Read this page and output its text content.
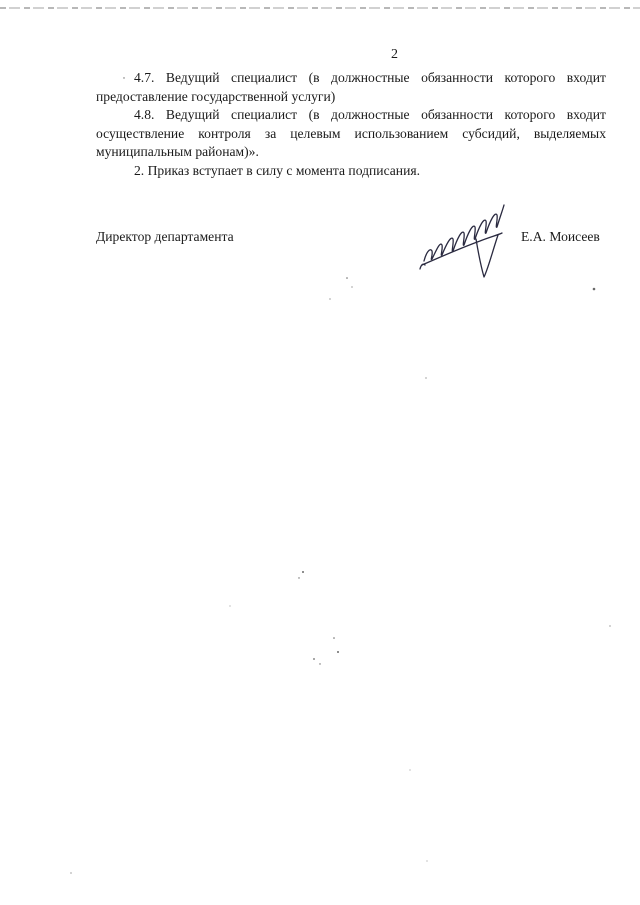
2

4.7. Ведущий специалист (в должностные обязанности которого входит предоставление государственной услуги)

4.8. Ведущий специалист (в должностные обязанности которого входит осуществление контроля за целевым использованием субсидий, выделяемых муниципальным районам)».

2. Приказ вступает в силу с момента подписания.

Директор департамента	Е.А. Моисеев
